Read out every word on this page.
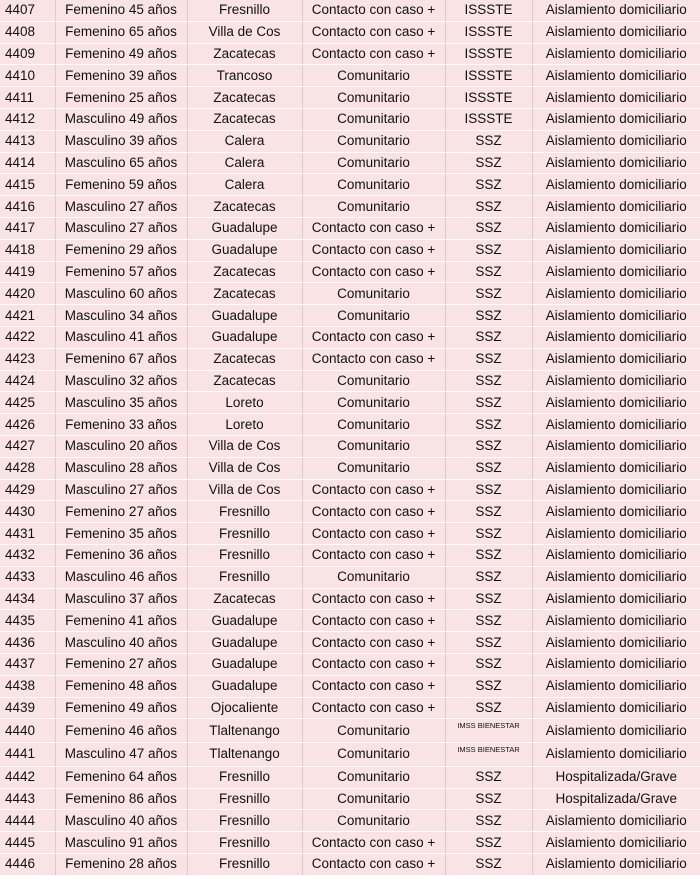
4407	Femenino 45 años	Fresnillo	Contacto con caso +	ISSSTE	Aislamiento domiciliario
4408	Femenino 65 años	Villa de Cos	Contacto con caso +	ISSSTE	Aislamiento domiciliario
4409	Femenino 49 años	Zacatecas	Contacto con caso +	ISSSTE	Aislamiento domiciliario
4410	Femenino 39 años	Trancoso	Comunitario	ISSSTE	Aislamiento domiciliario
4411	Femenino 25 años	Zacatecas	Comunitario	ISSSTE	Aislamiento domiciliario
4412	Masculino 49 años	Zacatecas	Comunitario	ISSSTE	Aislamiento domiciliario
4413	Masculino 39 años	Calera	Comunitario	SSZ	Aislamiento domiciliario
4414	Masculino 65 años	Calera	Comunitario	SSZ	Aislamiento domiciliario
4415	Femenino 59 años	Calera	Comunitario	SSZ	Aislamiento domiciliario
4416	Masculino 27 años	Zacatecas	Comunitario	SSZ	Aislamiento domiciliario
4417	Masculino 27 años	Guadalupe	Contacto con caso +	SSZ	Aislamiento domiciliario
4418	Femenino 29 años	Guadalupe	Contacto con caso +	SSZ	Aislamiento domiciliario
4419	Femenino 57 años	Zacatecas	Contacto con caso +	SSZ	Aislamiento domiciliario
4420	Masculino 60 años	Zacatecas	Comunitario	SSZ	Aislamiento domiciliario
4421	Masculino 34 años	Guadalupe	Comunitario	SSZ	Aislamiento domiciliario
4422	Masculino 41 años	Guadalupe	Contacto con caso +	SSZ	Aislamiento domiciliario
4423	Femenino 67 años	Zacatecas	Contacto con caso +	SSZ	Aislamiento domiciliario
4424	Masculino 32 años	Zacatecas	Comunitario	SSZ	Aislamiento domiciliario
4425	Masculino 35 años	Loreto	Comunitario	SSZ	Aislamiento domiciliario
4426	Femenino 33 años	Loreto	Comunitario	SSZ	Aislamiento domiciliario
4427	Masculino 20 años	Villa de Cos	Comunitario	SSZ	Aislamiento domiciliario
4428	Masculino 28 años	Villa de Cos	Comunitario	SSZ	Aislamiento domiciliario
4429	Masculino 27 años	Villa de Cos	Contacto con caso +	SSZ	Aislamiento domiciliario
4430	Femenino 27 años	Fresnillo	Contacto con caso +	SSZ	Aislamiento domiciliario
4431	Femenino 35 años	Fresnillo	Contacto con caso +	SSZ	Aislamiento domiciliario
4432	Femenino 36 años	Fresnillo	Contacto con caso +	SSZ	Aislamiento domiciliario
4433	Masculino 46 años	Fresnillo	Comunitario	SSZ	Aislamiento domiciliario
4434	Masculino 37 años	Zacatecas	Contacto con caso +	SSZ	Aislamiento domiciliario
4435	Femenino 41 años	Guadalupe	Contacto con caso +	SSZ	Aislamiento domiciliario
4436	Masculino 40 años	Guadalupe	Contacto con caso +	SSZ	Aislamiento domiciliario
4437	Femenino 27 años	Guadalupe	Contacto con caso +	SSZ	Aislamiento domiciliario
4438	Femenino 48 años	Guadalupe	Contacto con caso +	SSZ	Aislamiento domiciliario
4439	Femenino 49 años	Ojocaliente	Contacto con caso +	SSZ	Aislamiento domiciliario
4440	Femenino 46 años	Tlaltenango	Comunitario	IMSS BIENESTAR	Aislamiento domiciliario
4441	Masculino 47 años	Tlaltenango	Comunitario	IMSS BIENESTAR	Aislamiento domiciliario
4442	Femenino 64 años	Fresnillo	Comunitario	SSZ	Hospitalizada/Grave
4443	Femenino 86 años	Fresnillo	Comunitario	SSZ	Hospitalizada/Grave
4444	Masculino 40 años	Fresnillo	Comunitario	SSZ	Aislamiento domiciliario
4445	Masculino 91 años	Fresnillo	Contacto con caso +	SSZ	Aislamiento domiciliario
4446	Femenino 28 años	Fresnillo	Contacto con caso +	SSZ	Aislamiento domiciliario
